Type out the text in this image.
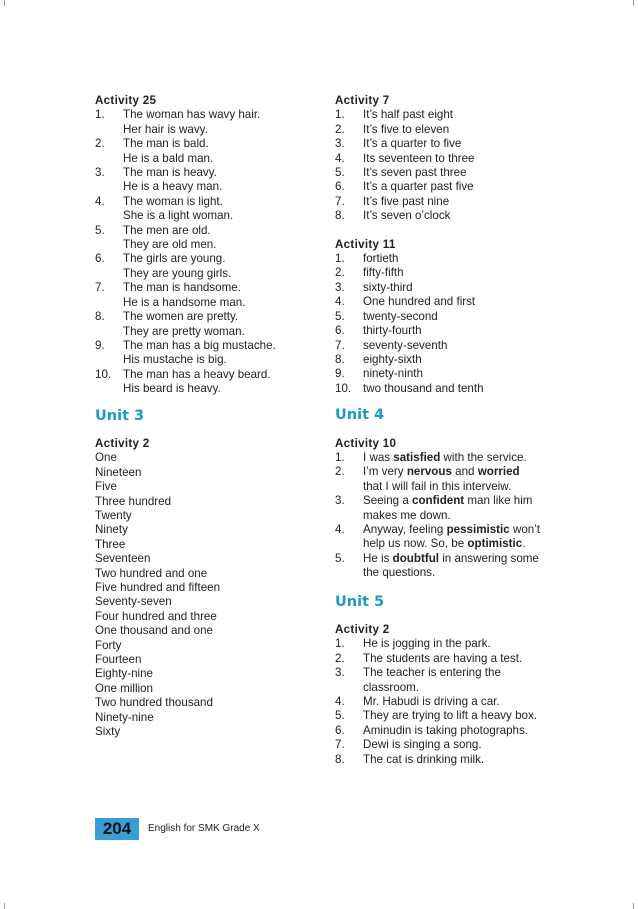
Activity 25
1.	The woman has wavy hair.
Her hair is wavy.
2.	The man is bald.
He is a bald man.
3.	The man is heavy.
He is a heavy man.
4.	The woman is light.
She is a light woman.
5.	The men are old.
They are old men.
6.	The girls are young.
They are young girls.
7.	The man is handsome.
He is a handsome man.
8.	The women are pretty.
They are pretty woman.
9.	The man has a big mustache.
His mustache is big.
10.	The man has a heavy beard.
His beard is heavy.
Unit 3
Activity 2
One
Nineteen
Five
Three hundred
Twenty
Ninety
Three
Seventeen
Two hundred and one
Five hundred and fifteen
Seventy-seven
Four hundred and three
One thousand and one
Forty
Fourteen
Eighty-nine
One million
Two hundred thousand
Ninety-nine
Sixty
Activity 7
1.	It’s half past eight
2.	It’s five to eleven
3.	It’s a quarter to five
4.	Its seventeen to three
5.	It’s seven past three
6.	It’s a quarter past five
7.	It’s five past nine
8.	It’s seven o’clock
Activity 11
1.	fortieth
2.	fifty-fifth
3.	sixty-third
4.	One hundred and first
5.	twenty-second
6.	thirty-fourth
7.	seventy-seventh
8.	eighty-sixth
9.	ninety-ninth
10.	two thousand and tenth
Unit 4
Activity 10
1.	I was satisfied with the service.
2.	I’m very nervous and worried
that I will fail in this interveiw.
3.	Seeing a confident man like him
makes me down.
4.	Anyway, feeling pessimistic won’t
help us now. So, be optimistic.
5.	He is doubtful in answering some
the questions.
Unit 5
Activity 2
1.	He is jogging in the park.
2.	The students are having a test.
3.	The teacher is entering the
classroom.
4.	Mr. Habudi is driving a car.
5.	They are trying to lift a heavy box.
6.	Aminudin is taking photographs.
7.	Dewi is singing a song.
8.	The cat is drinking milk.
204	English for SMK Grade X
